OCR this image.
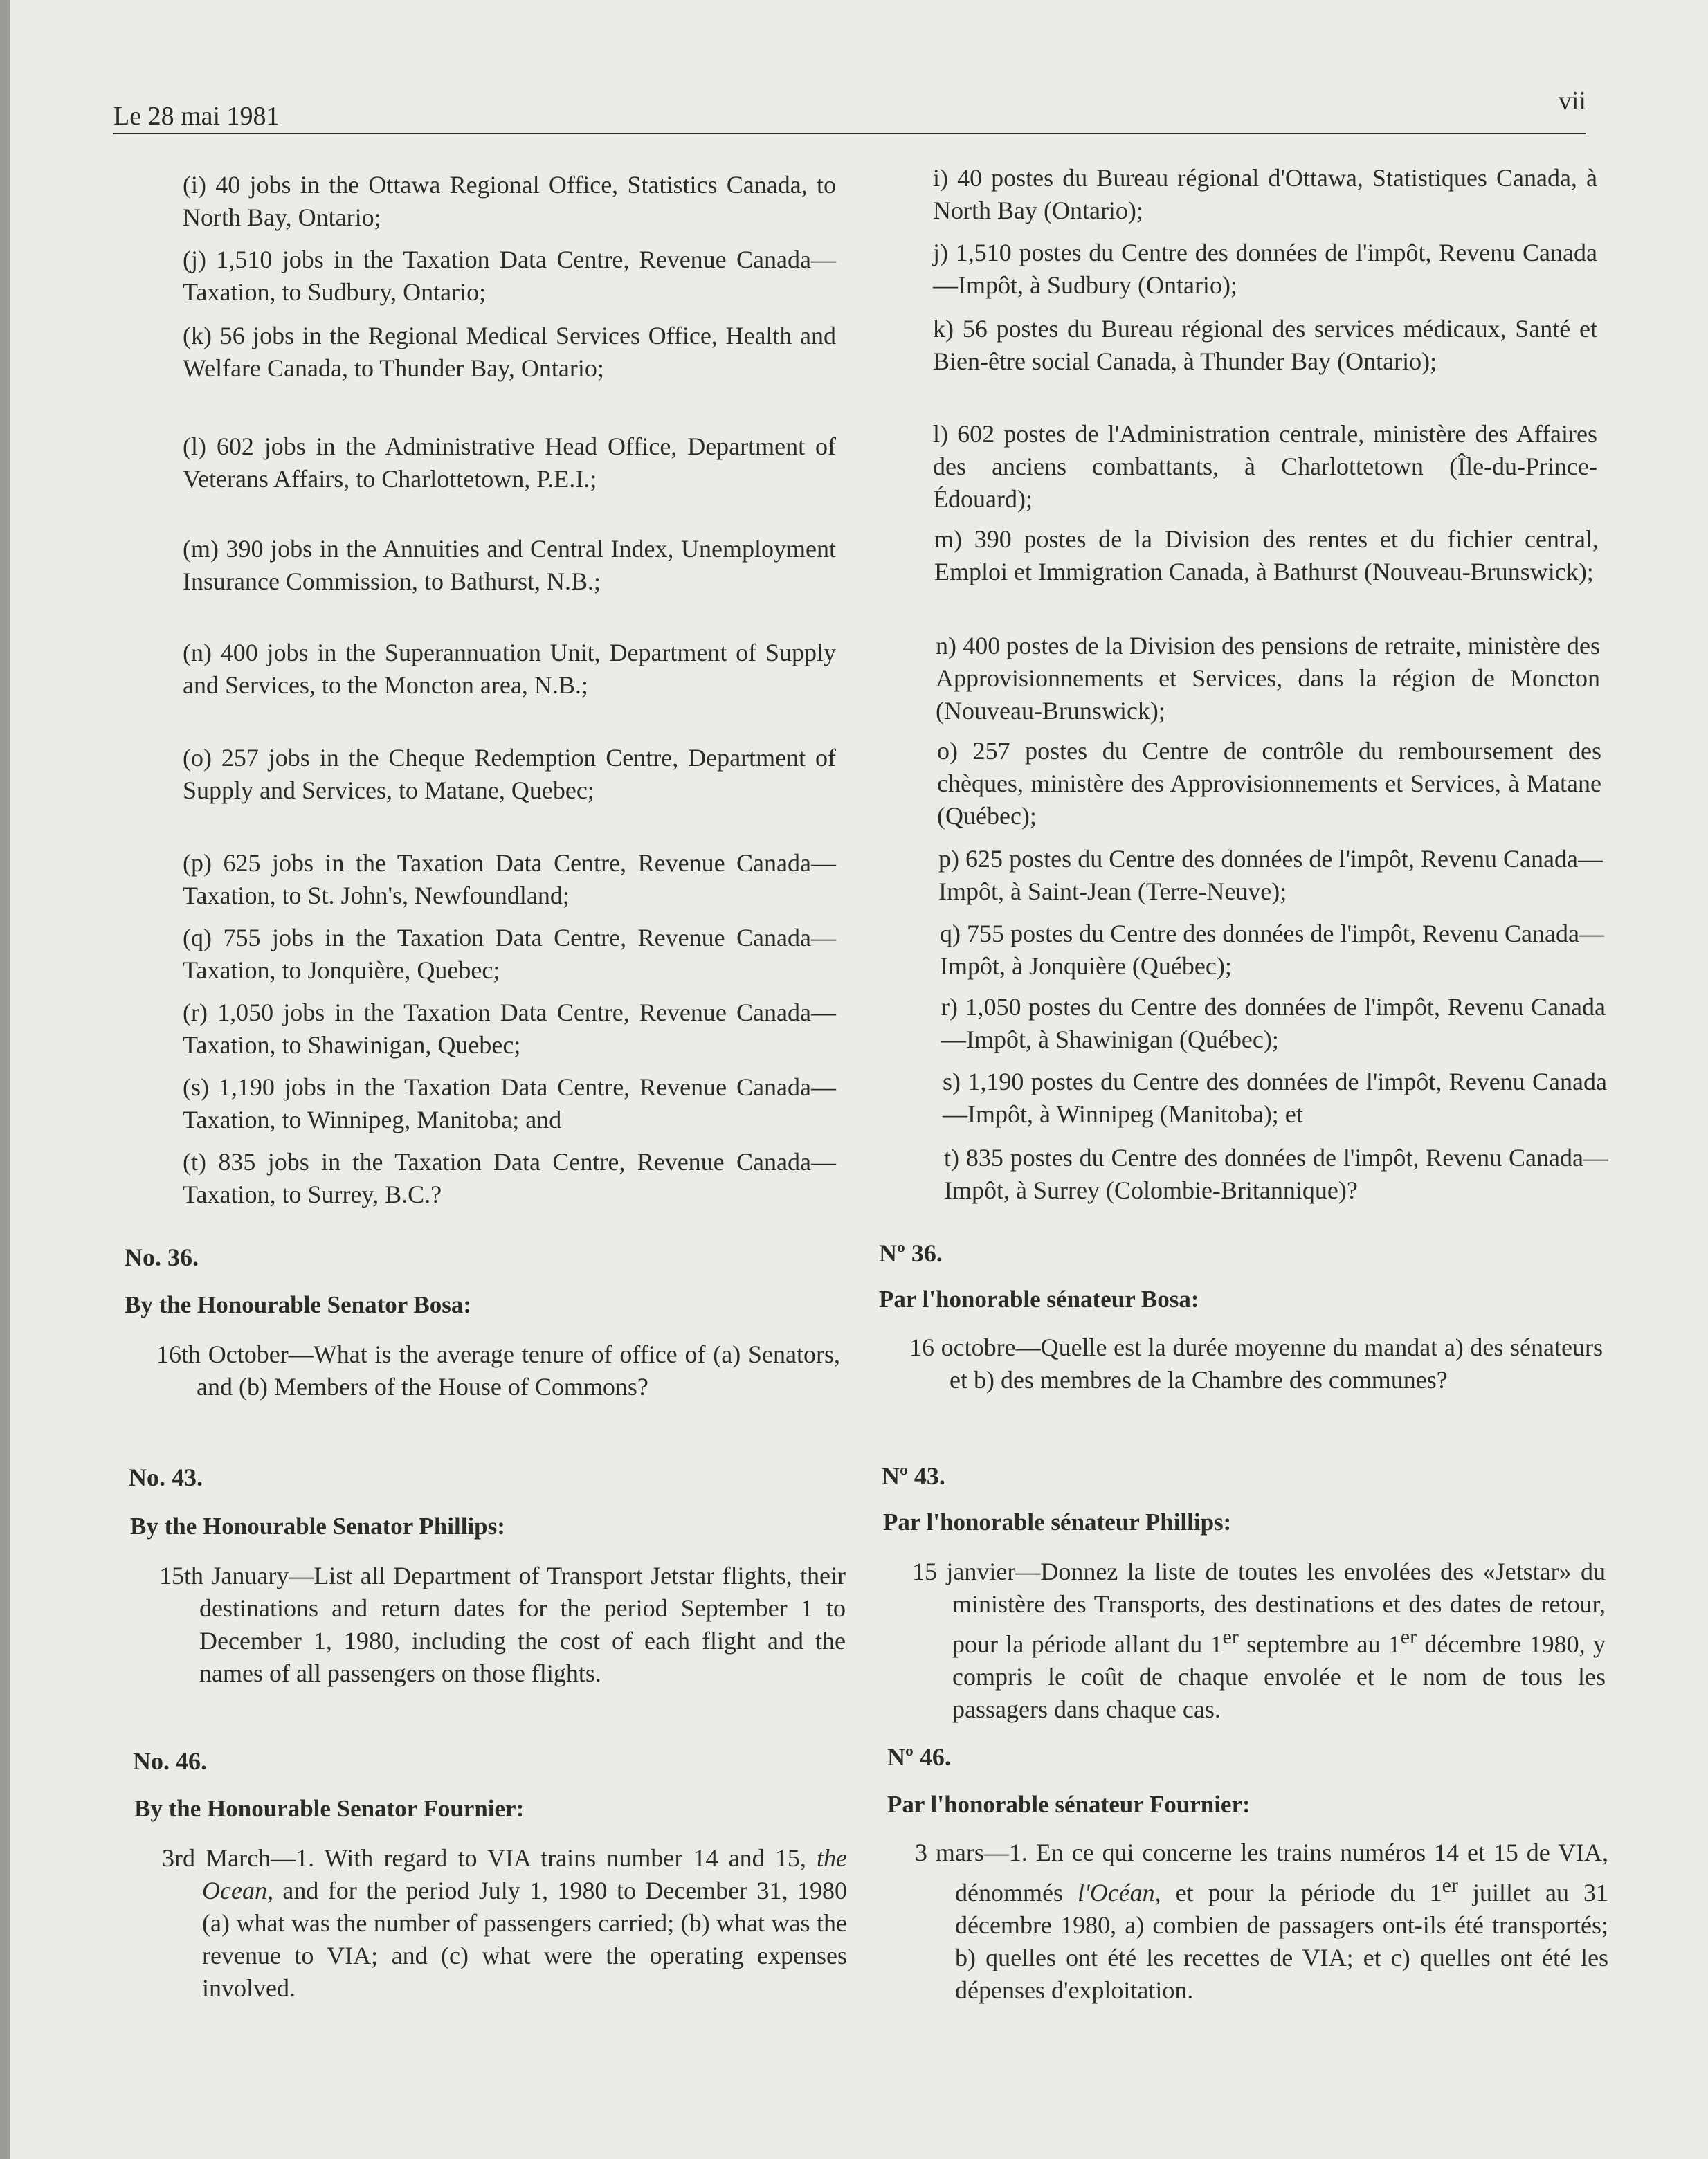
Le 28 mai 1981
vii
(i) 40 jobs in the Ottawa Regional Office, Statistics Canada, to North Bay, Ontario;
(j) 1,510 jobs in the Taxation Data Centre, Revenue Canada—Taxation, to Sudbury, Ontario;
(k) 56 jobs in the Regional Medical Services Office, Health and Welfare Canada, to Thunder Bay, Ontario;
(l) 602 jobs in the Administrative Head Office, Department of Veterans Affairs, to Charlottetown, P.E.I.;
(m) 390 jobs in the Annuities and Central Index, Unemployment Insurance Commission, to Bathurst, N.B.;
(n) 400 jobs in the Superannuation Unit, Department of Supply and Services, to the Moncton area, N.B.;
(o) 257 jobs in the Cheque Redemption Centre, Department of Supply and Services, to Matane, Quebec;
(p) 625 jobs in the Taxation Data Centre, Revenue Canada—Taxation, to St. John's, Newfoundland;
(q) 755 jobs in the Taxation Data Centre, Revenue Canada—Taxation, to Jonquière, Quebec;
(r) 1,050 jobs in the Taxation Data Centre, Revenue Canada—Taxation, to Shawinigan, Quebec;
(s) 1,190 jobs in the Taxation Data Centre, Revenue Canada—Taxation, to Winnipeg, Manitoba; and
(t) 835 jobs in the Taxation Data Centre, Revenue Canada—Taxation, to Surrey, B.C.?
No. 36.
By the Honourable Senator Bosa:
16th October—What is the average tenure of office of (a) Senators, and (b) Members of the House of Commons?
No. 43.
By the Honourable Senator Phillips:
15th January—List all Department of Transport Jetstar flights, their destinations and return dates for the period September 1 to December 1, 1980, including the cost of each flight and the names of all passengers on those flights.
No. 46.
By the Honourable Senator Fournier:
3rd March—1. With regard to VIA trains number 14 and 15, the Ocean, and for the period July 1, 1980 to December 31, 1980 (a) what was the number of passengers carried; (b) what was the revenue to VIA; and (c) what were the operating expenses involved.
i) 40 postes du Bureau régional d'Ottawa, Statistiques Canada, à North Bay (Ontario);
j) 1,510 postes du Centre des données de l'impôt, Revenu Canada—Impôt, à Sudbury (Ontario);
k) 56 postes du Bureau régional des services médicaux, Santé et Bien-être social Canada, à Thunder Bay (Ontario);
l) 602 postes de l'Administration centrale, ministère des Affaires des anciens combattants, à Charlottetown (Île-du-Prince-Édouard);
m) 390 postes de la Division des rentes et du fichier central, Emploi et Immigration Canada, à Bathurst (Nouveau-Brunswick);
n) 400 postes de la Division des pensions de retraite, ministère des Approvisionnements et Services, dans la région de Moncton (Nouveau-Brunswick);
o) 257 postes du Centre de contrôle du remboursement des chèques, ministère des Approvisionnements et Services, à Matane (Québec);
p) 625 postes du Centre des données de l'impôt, Revenu Canada—Impôt, à Saint-Jean (Terre-Neuve);
q) 755 postes du Centre des données de l'impôt, Revenu Canada—Impôt, à Jonquière (Québec);
r) 1,050 postes du Centre des données de l'impôt, Revenu Canada—Impôt, à Shawinigan (Québec);
s) 1,190 postes du Centre des données de l'impôt, Revenu Canada—Impôt, à Winnipeg (Manitoba); et
t) 835 postes du Centre des données de l'impôt, Revenu Canada—Impôt, à Surrey (Colombie-Britannique)?
Nº 36.
Par l'honorable sénateur Bosa:
16 octobre—Quelle est la durée moyenne du mandat a) des sénateurs et b) des membres de la Chambre des communes?
Nº 43.
Par l'honorable sénateur Phillips:
15 janvier—Donnez la liste de toutes les envolées des «Jetstar» du ministère des Transports, des destinations et des dates de retour, pour la période allant du 1er septembre au 1er décembre 1980, y compris le coût de chaque envolée et le nom de tous les passagers dans chaque cas.
Nº 46.
Par l'honorable sénateur Fournier:
3 mars—1. En ce qui concerne les trains numéros 14 et 15 de VIA, dénommés l'Océan, et pour la période du 1er juillet au 31 décembre 1980, a) combien de passagers ont-ils été transportés; b) quelles ont été les recettes de VIA; et c) quelles ont été les dépenses d'exploitation.
